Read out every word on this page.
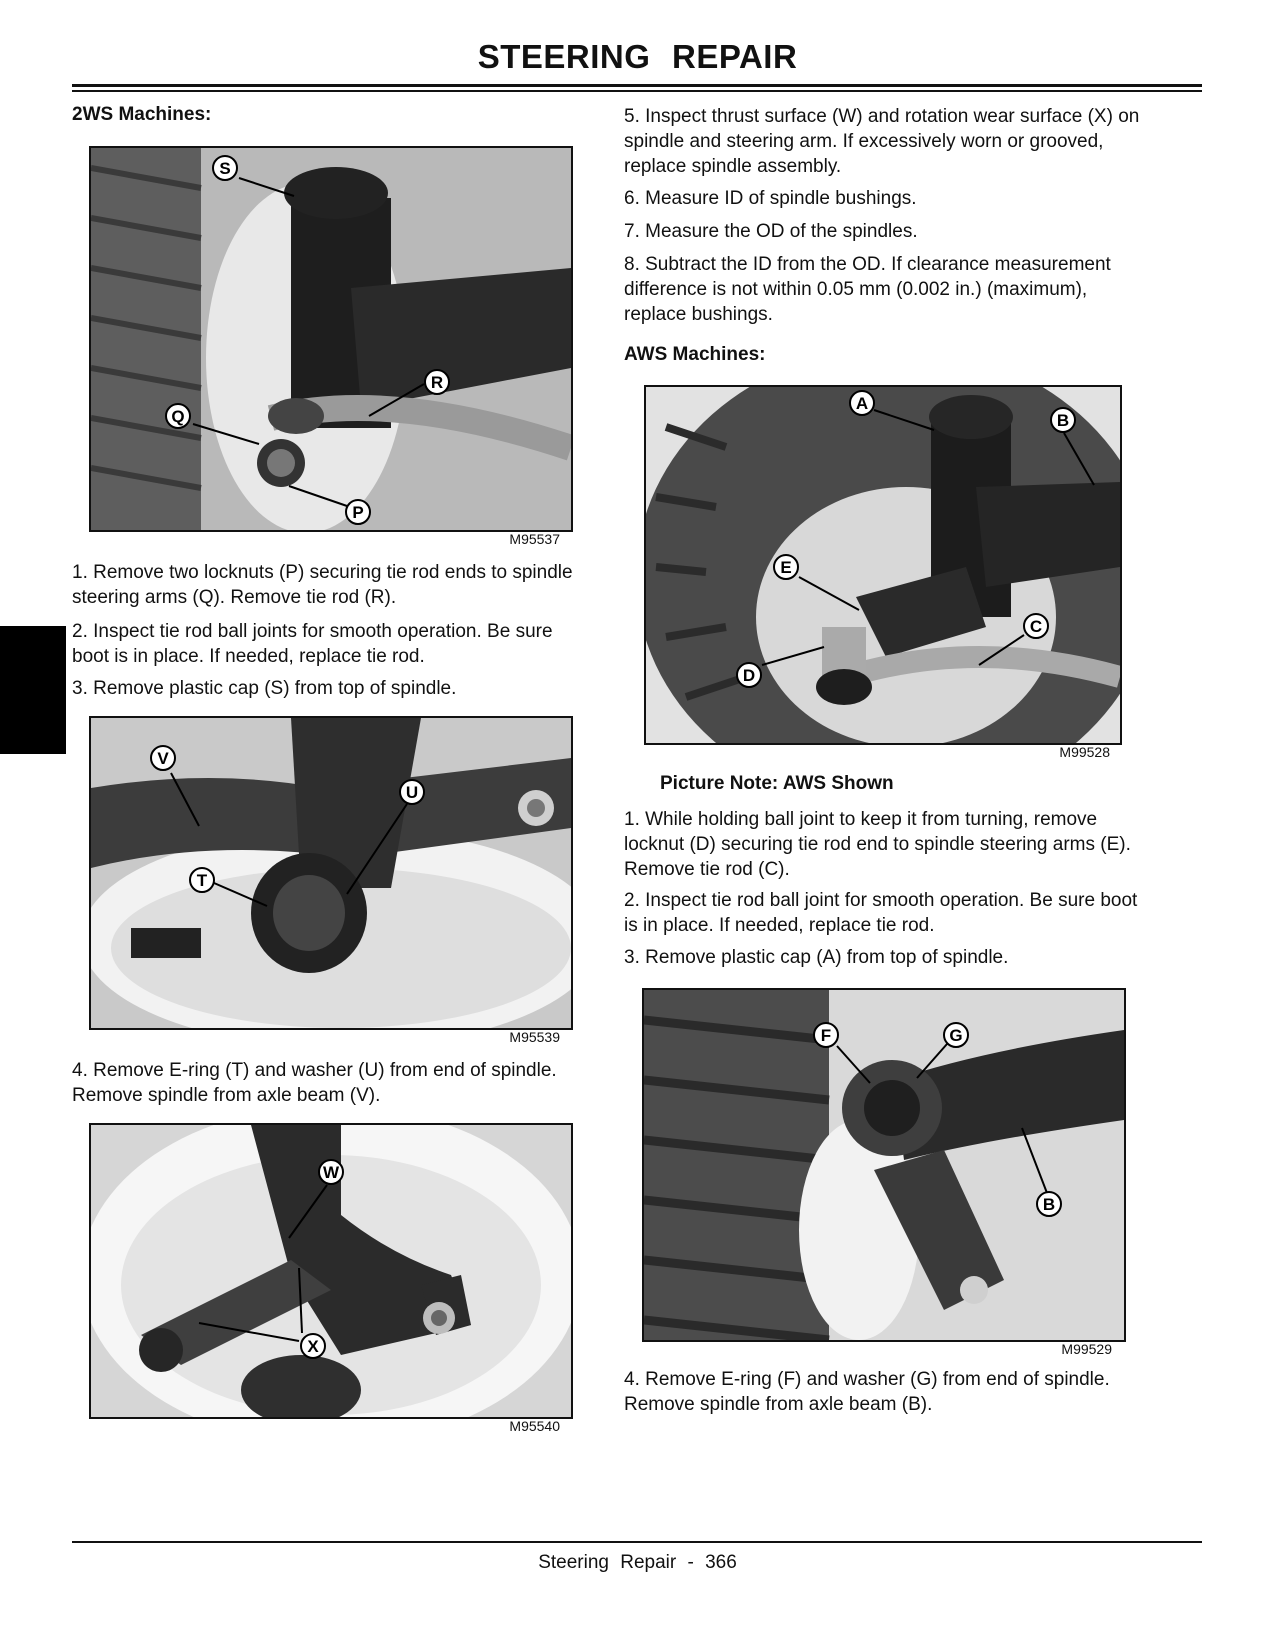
STEERING REPAIR
2WS Machines:
S
R
Q
P
M95537

1. Remove two locknuts (P) securing tie rod ends to spindle steering arms (Q). Remove tie rod (R).

2. Inspect tie rod ball joints for smooth operation. Be sure boot is in place. If needed, replace tie rod.

3. Remove plastic cap (S) from top of spindle.

V
U
T
M95539

4. Remove E-ring (T) and washer (U) from end of spindle. Remove spindle from axle beam (V).

W
X
M95540

5. Inspect thrust surface (W) and rotation wear surface (X) on spindle and steering arm. If excessively worn or grooved, replace spindle assembly.

6. Measure ID of spindle bushings.

7. Measure the OD of the spindles.

8. Subtract the ID from the OD. If clearance measurement difference is not within 0.05 mm (0.002 in.) (maximum), replace bushings.

AWS Machines:
A
B
E
C
D
M99528
Picture Note: AWS Shown

1. While holding ball joint to keep it from turning, remove locknut (D) securing tie rod end to spindle steering arms (E). Remove tie rod (C).

2. Inspect tie rod ball joint for smooth operation. Be sure boot is in place. If needed, replace tie rod.

3. Remove plastic cap (A) from top of spindle.

F	G
B
M99529

4. Remove E-ring (F) and washer (G) from end of spindle. Remove spindle from axle beam (B).

Steering Repair - 366
